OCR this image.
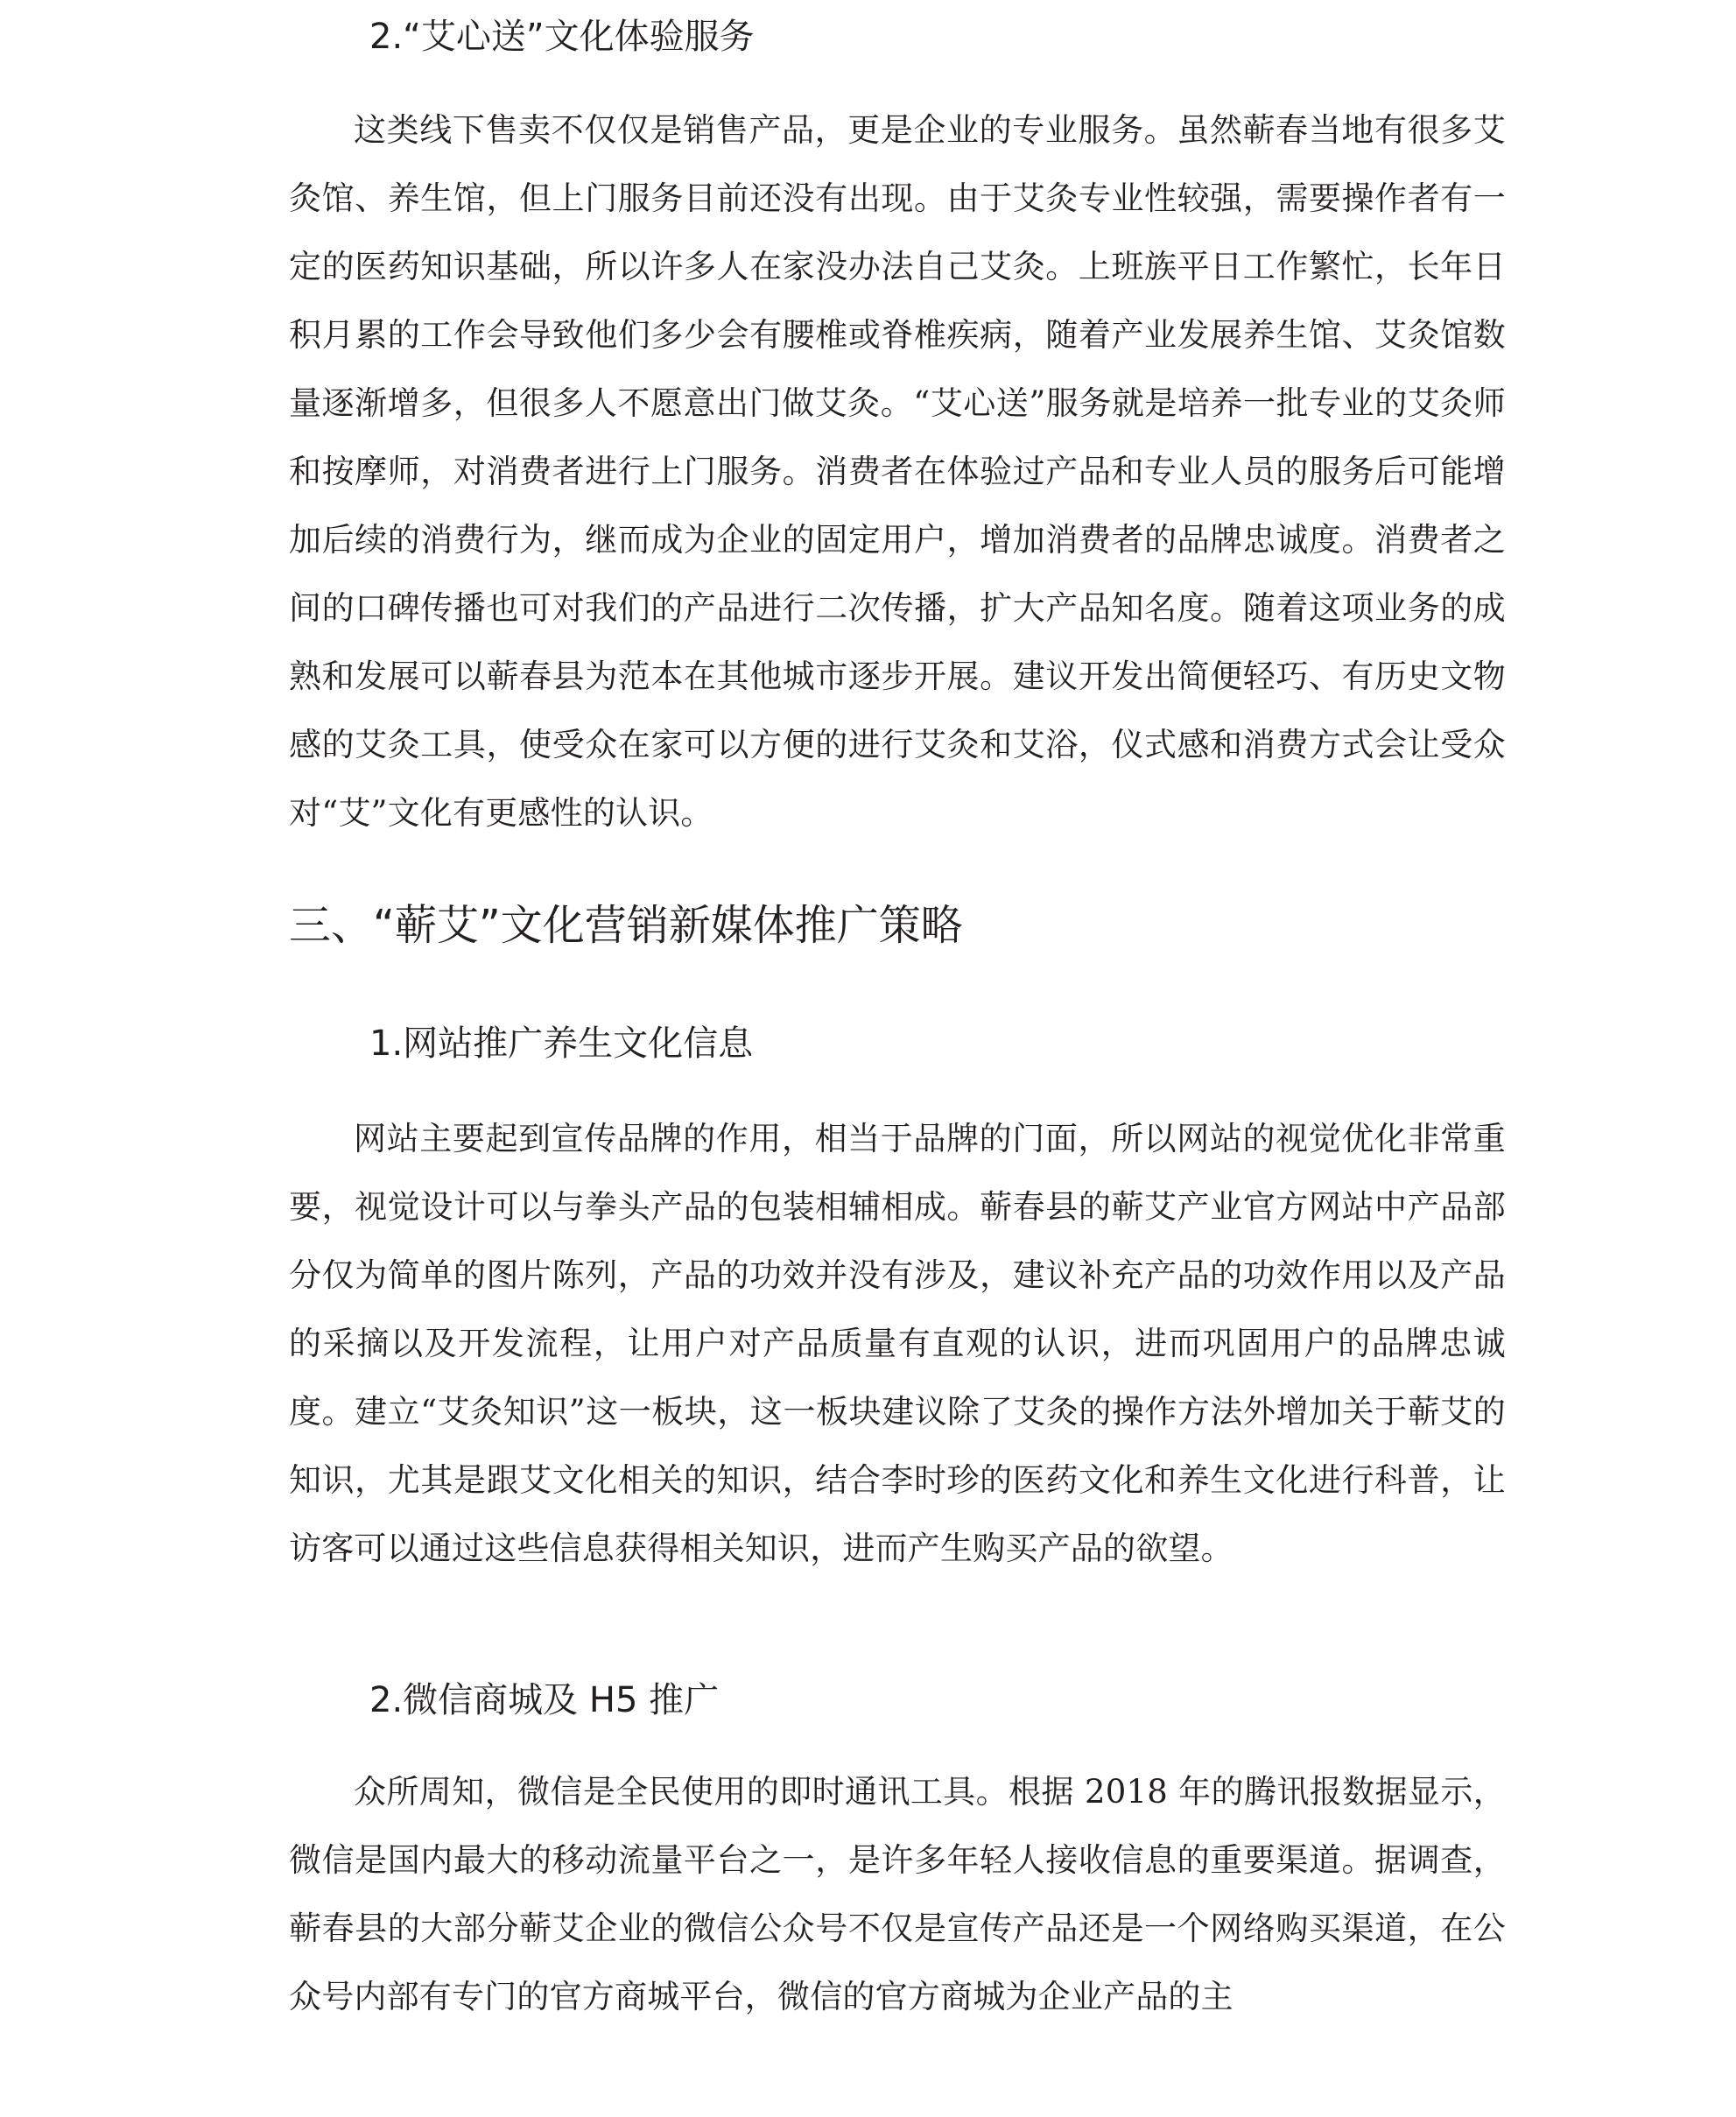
2.“艾心送”文化体验服务

这类线下售卖不仅仅是销售产品，更是企业的专业服务。虽然蕲春当地有很多艾灸馆、养生馆，但上门服务目前还没有出现。由于艾灸专业性较强，需要操作者有一定的医药知识基础，所以许多人在家没办法自己艾灸。上班族平日工作繁忙，长年日积月累的工作会导致他们多少会有腰椎或脊椎疾病，随着产业发展养生馆、艾灸馆数量逐渐增多，但很多人不愿意出门做艾灸。“艾心送”服务就是培养一批专业的艾灸师和按摩师，对消费者进行上门服务。消费者在体验过产品和专业人员的服务后可能增加后续的消费行为，继而成为企业的固定用户，增加消费者的品牌忠诚度。消费者之间的口碑传播也可对我们的产品进行二次传播，扩大产品知名度。随着这项业务的成熟和发展可以蕲春县为范本在其他城市逐步开展。建议开发出简便轻巧、有历史文物感的艾灸工具，使受众在家可以方便的进行艾灸和艾浴，仪式感和消费方式会让受众对“艾”文化有更感性的认识。

三、“蕲艾”文化营销新媒体推广策略
1.网站推广养生文化信息

网站主要起到宣传品牌的作用，相当于品牌的门面，所以网站的视觉优化非常重要，视觉设计可以与拳头产品的包装相辅相成。蕲春县的蕲艾产业官方网站中产品部分仅为简单的图片陈列，产品的功效并没有涉及，建议补充产品的功效作用以及产品的采摘以及开发流程，让用户对产品质量有直观的认识，进而巩固用户的品牌忠诚度。建立“艾灸知识”这一板块，这一板块建议除了艾灸的操作方法外增加关于蕲艾的知识，尤其是跟艾文化相关的知识，结合李时珍的医药文化和养生文化进行科普，让访客可以通过这些信息获得相关知识，进而产生购买产品的欲望。

2.微信商城及 H5 推广

众所周知，微信是全民使用的即时通讯工具。根据 2018 年的腾讯报数据显示，微信是国内最大的移动流量平台之一，是许多年轻人接收信息的重要渠道。据调查，蕲春县的大部分蕲艾企业的微信公众号不仅是宣传产品还是一个网络购买渠道，在公众号内部有专门的官方商城平台，微信的官方商城为企业产品的主
